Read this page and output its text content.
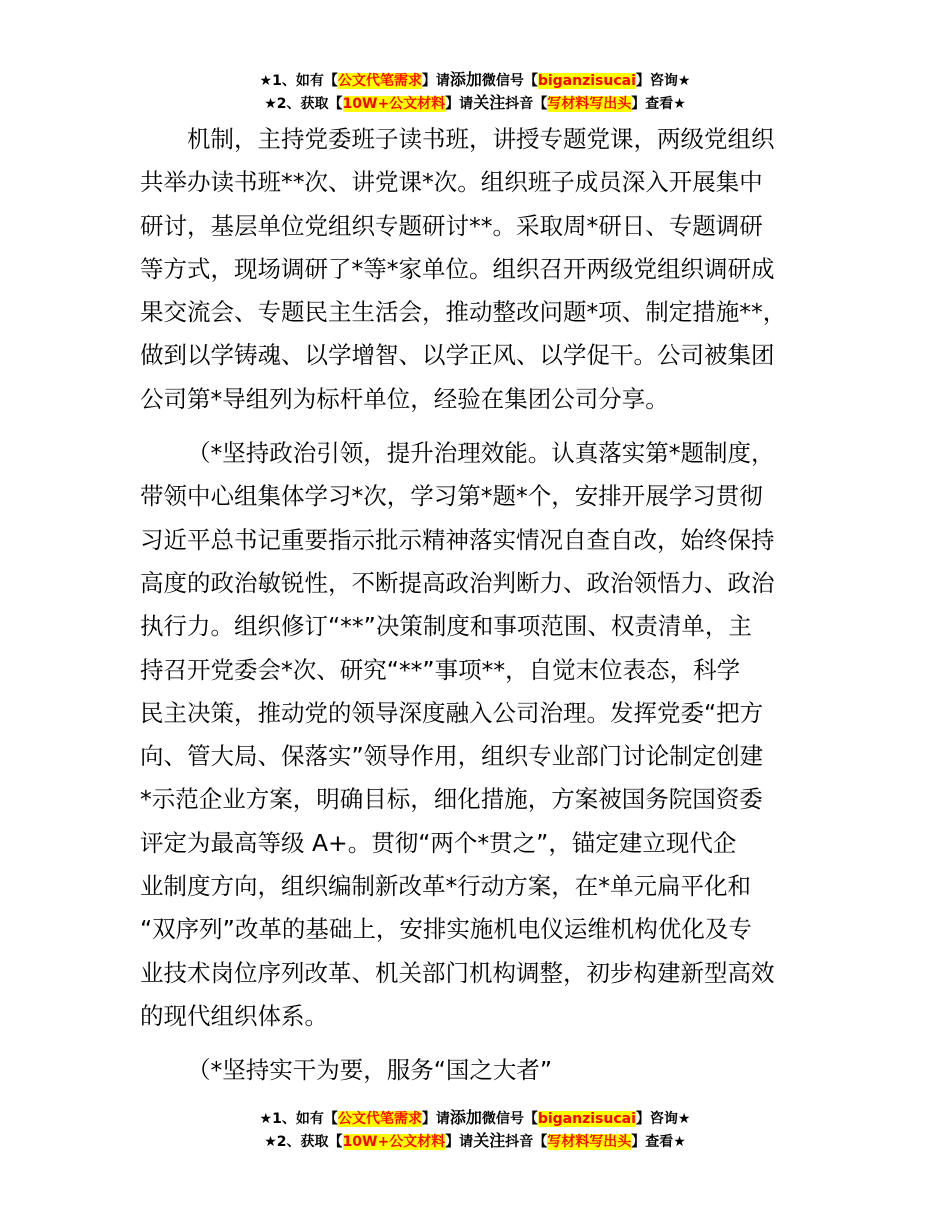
★1、如有【公文代笔需求】请添加微信号【biganzisucai】咨询★
★2、获取【10W+公文材料】请关注抖音【写材料写出头】查看★

机制，主持党委班子读书班，讲授专题党课，两级党组织

共举办读书班**次、讲党课*次。组织班子成员深入开展集中

研讨，基层单位党组织专题研讨**。采取周*研日、专题调研

等方式，现场调研了*等*家单位。组织召开两级党组织调研成

果交流会、专题民主生活会，推动整改问题*项、制定措施**，

做到以学铸魂、以学增智、以学正风、以学促干。公司被集团

公司第*导组列为标杆单位，经验在集团公司分享。

（*坚持政治引领，提升治理效能。认真落实第*题制度，

带领中心组集体学习*次，学习第*题*个，安排开展学习贯彻

习近平总书记重要指示批示精神落实情况自查自改，始终保持

高度的政治敏锐性，不断提高政治判断力、政治领悟力、政治

执行力。组织修订“**”决策制度和事项范围、权责清单，主

持召开党委会*次、研究“**”事项**，自觉末位表态，科学

民主决策，推动党的领导深度融入公司治理。发挥党委“把方

向、管大局、保落实”领导作用，组织专业部门讨论制定创建

*示范企业方案，明确目标，细化措施，方案被国务院国资委

评定为最高等级 A+。贯彻“两个*贯之”，锚定建立现代企

业制度方向，组织编制新改革*行动方案，在*单元扁平化和

“双序列”改革的基础上，安排实施机电仪运维机构优化及专

业技术岗位序列改革、机关部门机构调整，初步构建新型高效

的现代组织体系。

（*坚持实干为要，服务“国之大者”

★1、如有【公文代笔需求】请添加微信号【biganzisucai】咨询★
★2、获取【10W+公文材料】请关注抖音【写材料写出头】查看★
